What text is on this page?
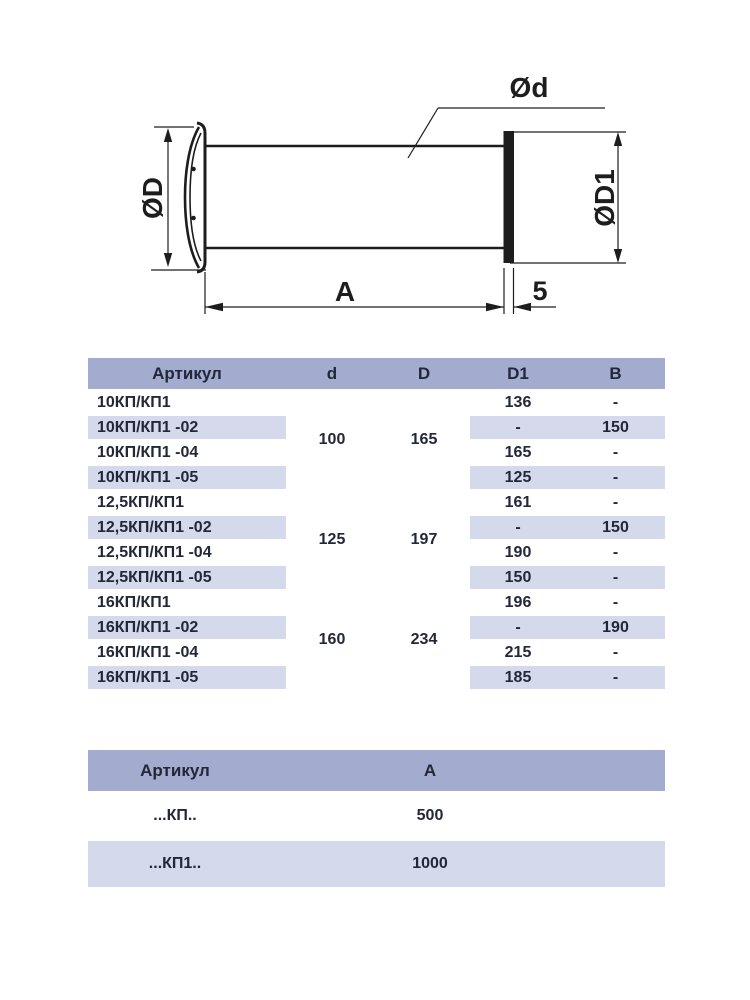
Ød
ØD	ØD1
A	5
Артикул	d	D	D1	B
10КП/КП1	100	165	136	-
10КП/КП1 -02			-	150
10КП/КП1 -04			165	-
10КП/КП1 -05			125	-
12,5КП/КП1	125	197	161	-
12,5КП/КП1 -02			-	150
12,5КП/КП1 -04			190	-
12,5КП/КП1 -05			150	-
16КП/КП1	160	234	196	-
16КП/КП1 -02			-	190
16КП/КП1 -04			215	-
16КП/КП1 -05			185	-
Артикул	A	
...КП..	500	
...КП1..	1000	
